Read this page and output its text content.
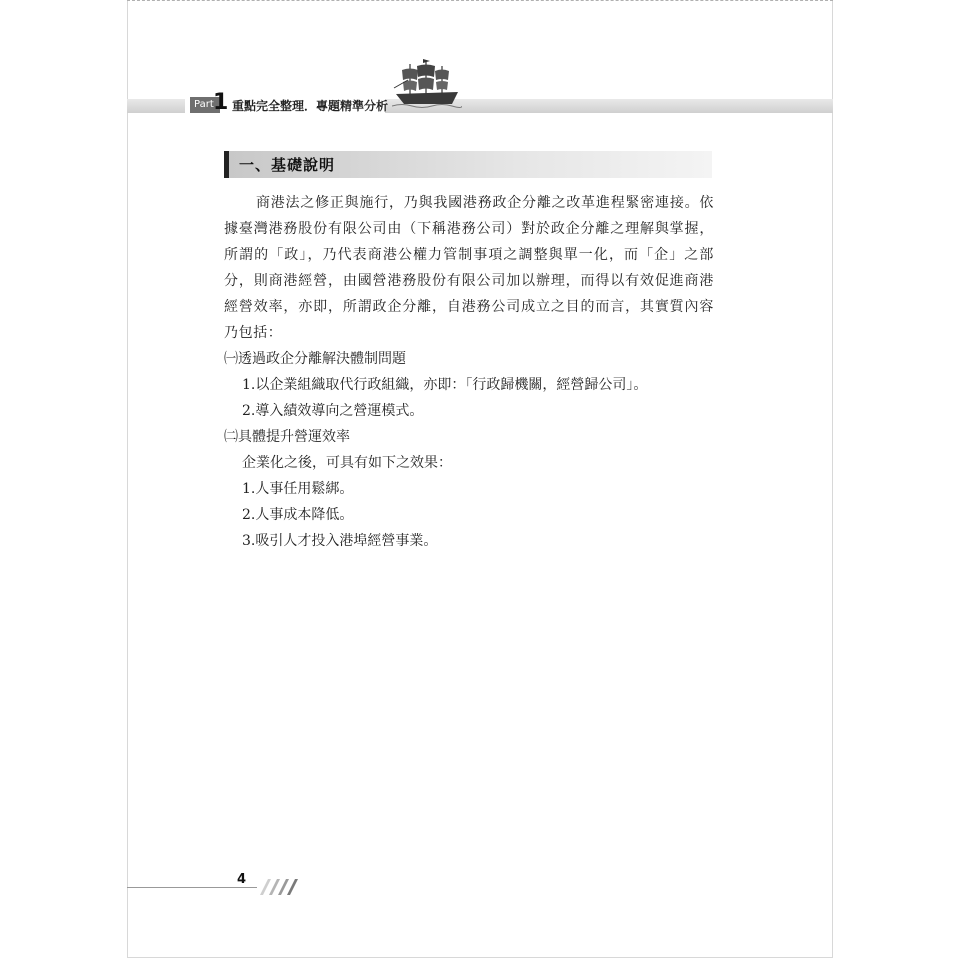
Part 1 重點完全整理．專題精準分析
一、基礎說明

商港法之修正與施行，乃與我國港務政企分離之改革進程緊密連接。依據臺灣港務股份有限公司由（下稱港務公司）對於政企分離之理解與掌握，所謂的「政」，乃代表商港公權力管制事項之調整與單一化，而「企」之部分，則商港經營，由國營港務股份有限公司加以辦理，而得以有效促進商港經營效率，亦即，所謂政企分離，自港務公司成立之目的而言，其實質內容乃包括：

㈠透過政企分離解決體制問題

1.以企業組織取代行政組織，亦即：「行政歸機關，經營歸公司」。

2.導入績效導向之營運模式。

㈡具體提升營運效率

企業化之後，可具有如下之效果：

1.人事任用鬆綁。

2.人事成本降低。

3.吸引人才投入港埠經營事業。

4
